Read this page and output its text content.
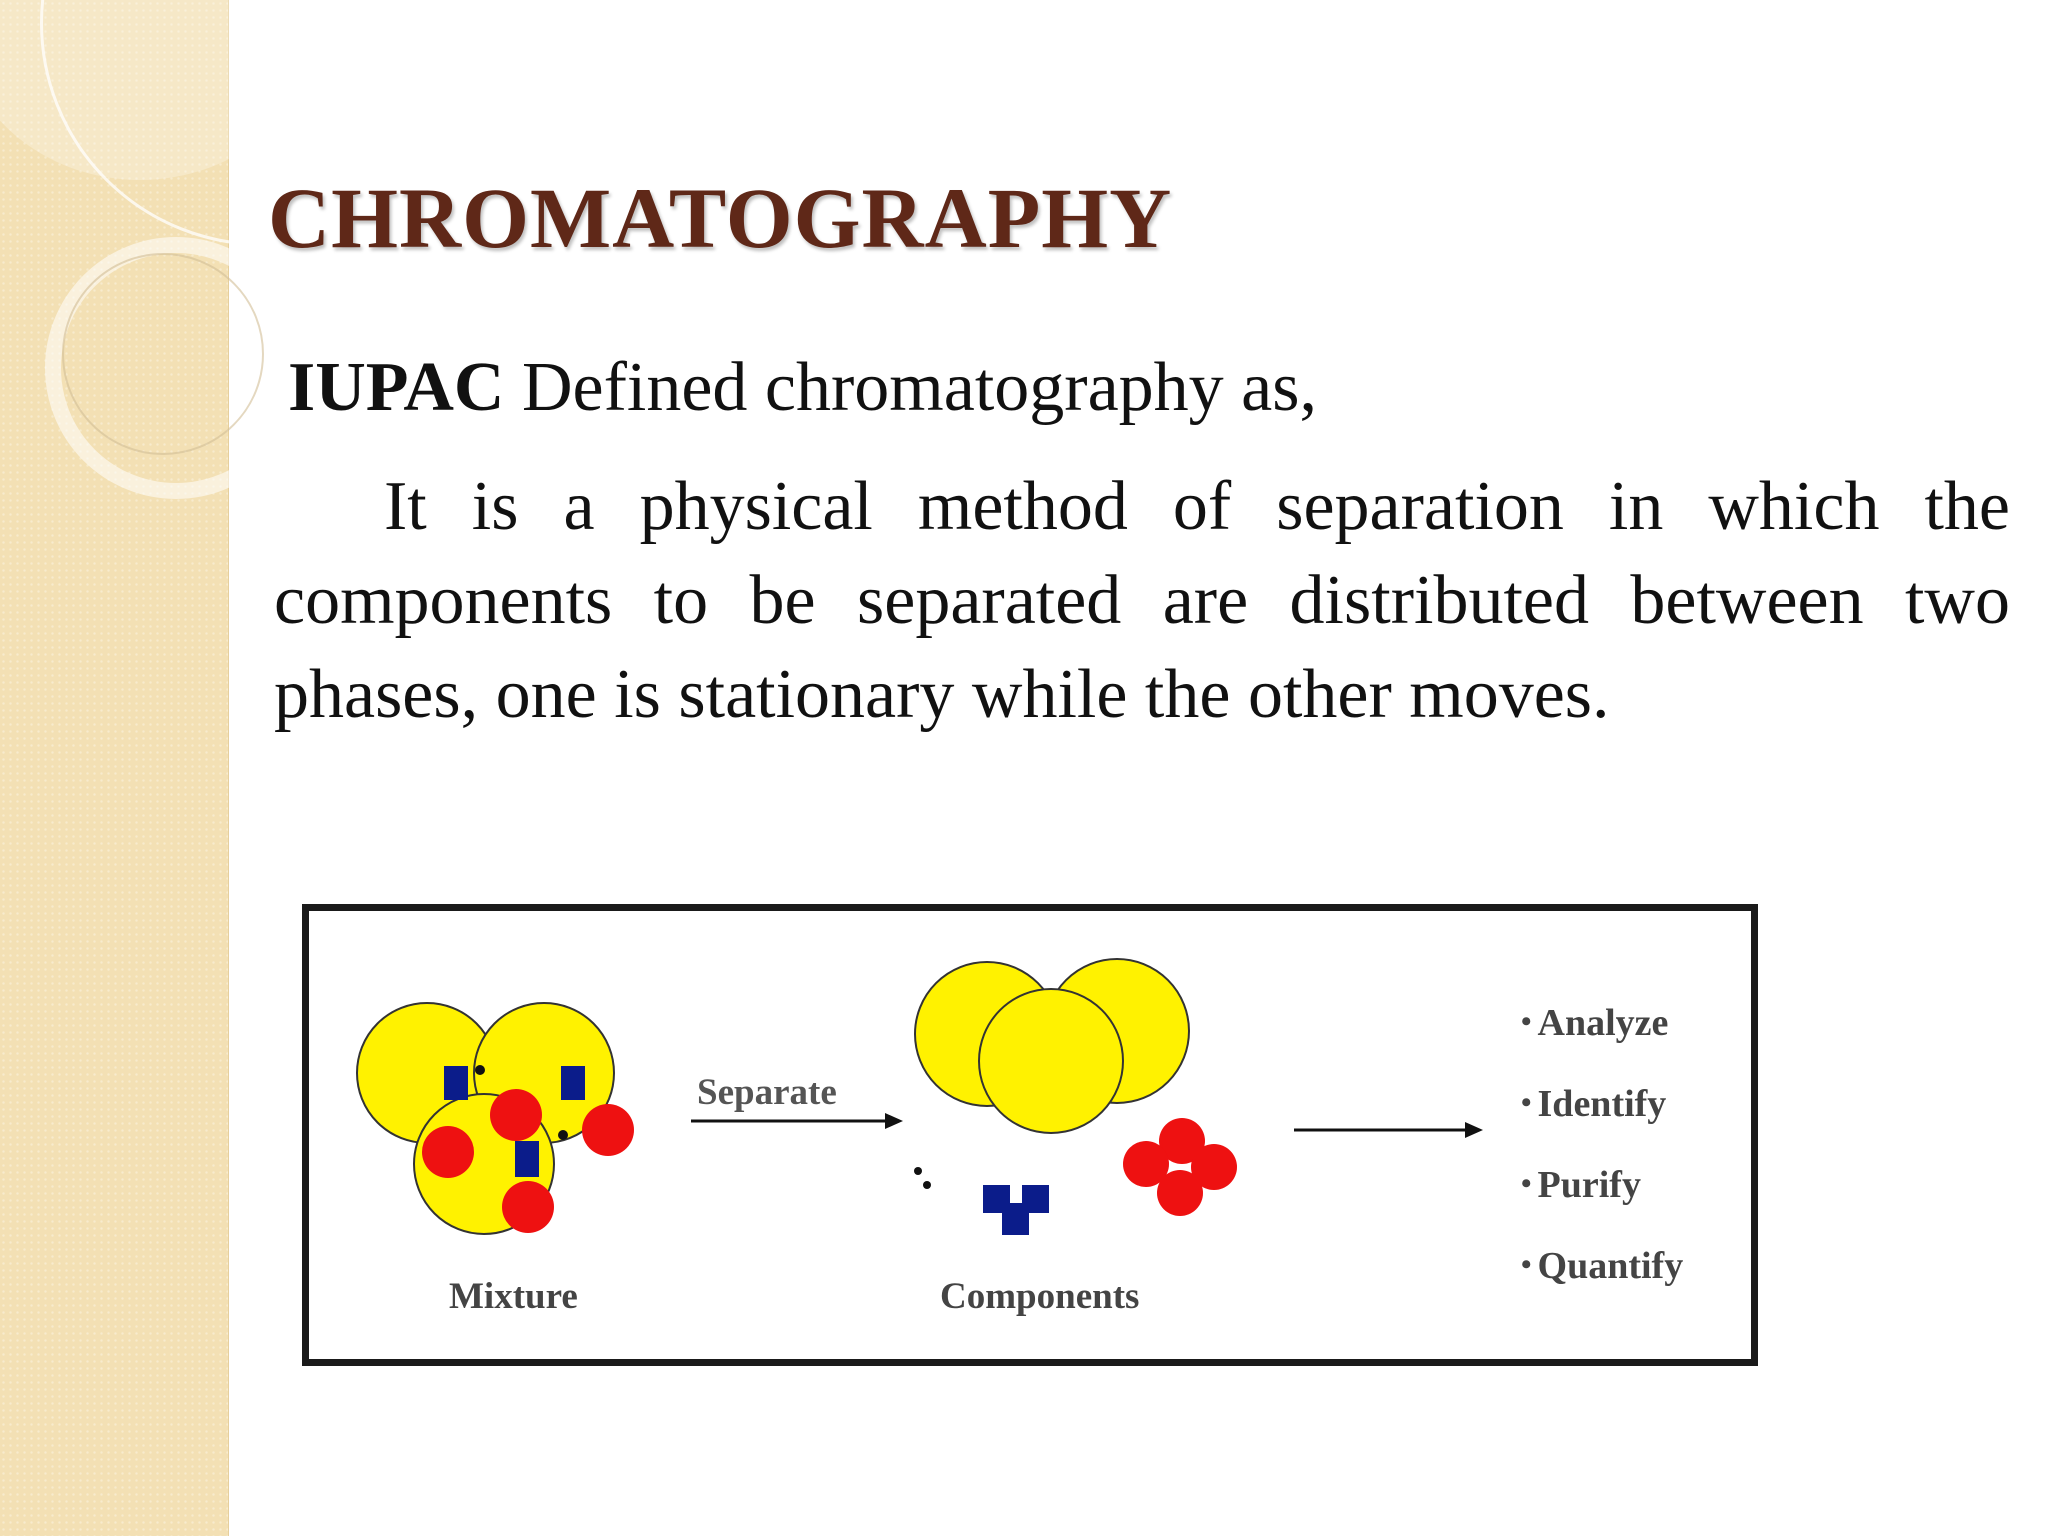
CHROMATOGRAPHY
IUPAC Defined chromatography as,

It is a physical method of separation in which the components to be separated are distributed between two phases, one is stationary while the other moves.

Mixture
Separate
Components
• Analyze
• Identify
• Purify
• Quantify
